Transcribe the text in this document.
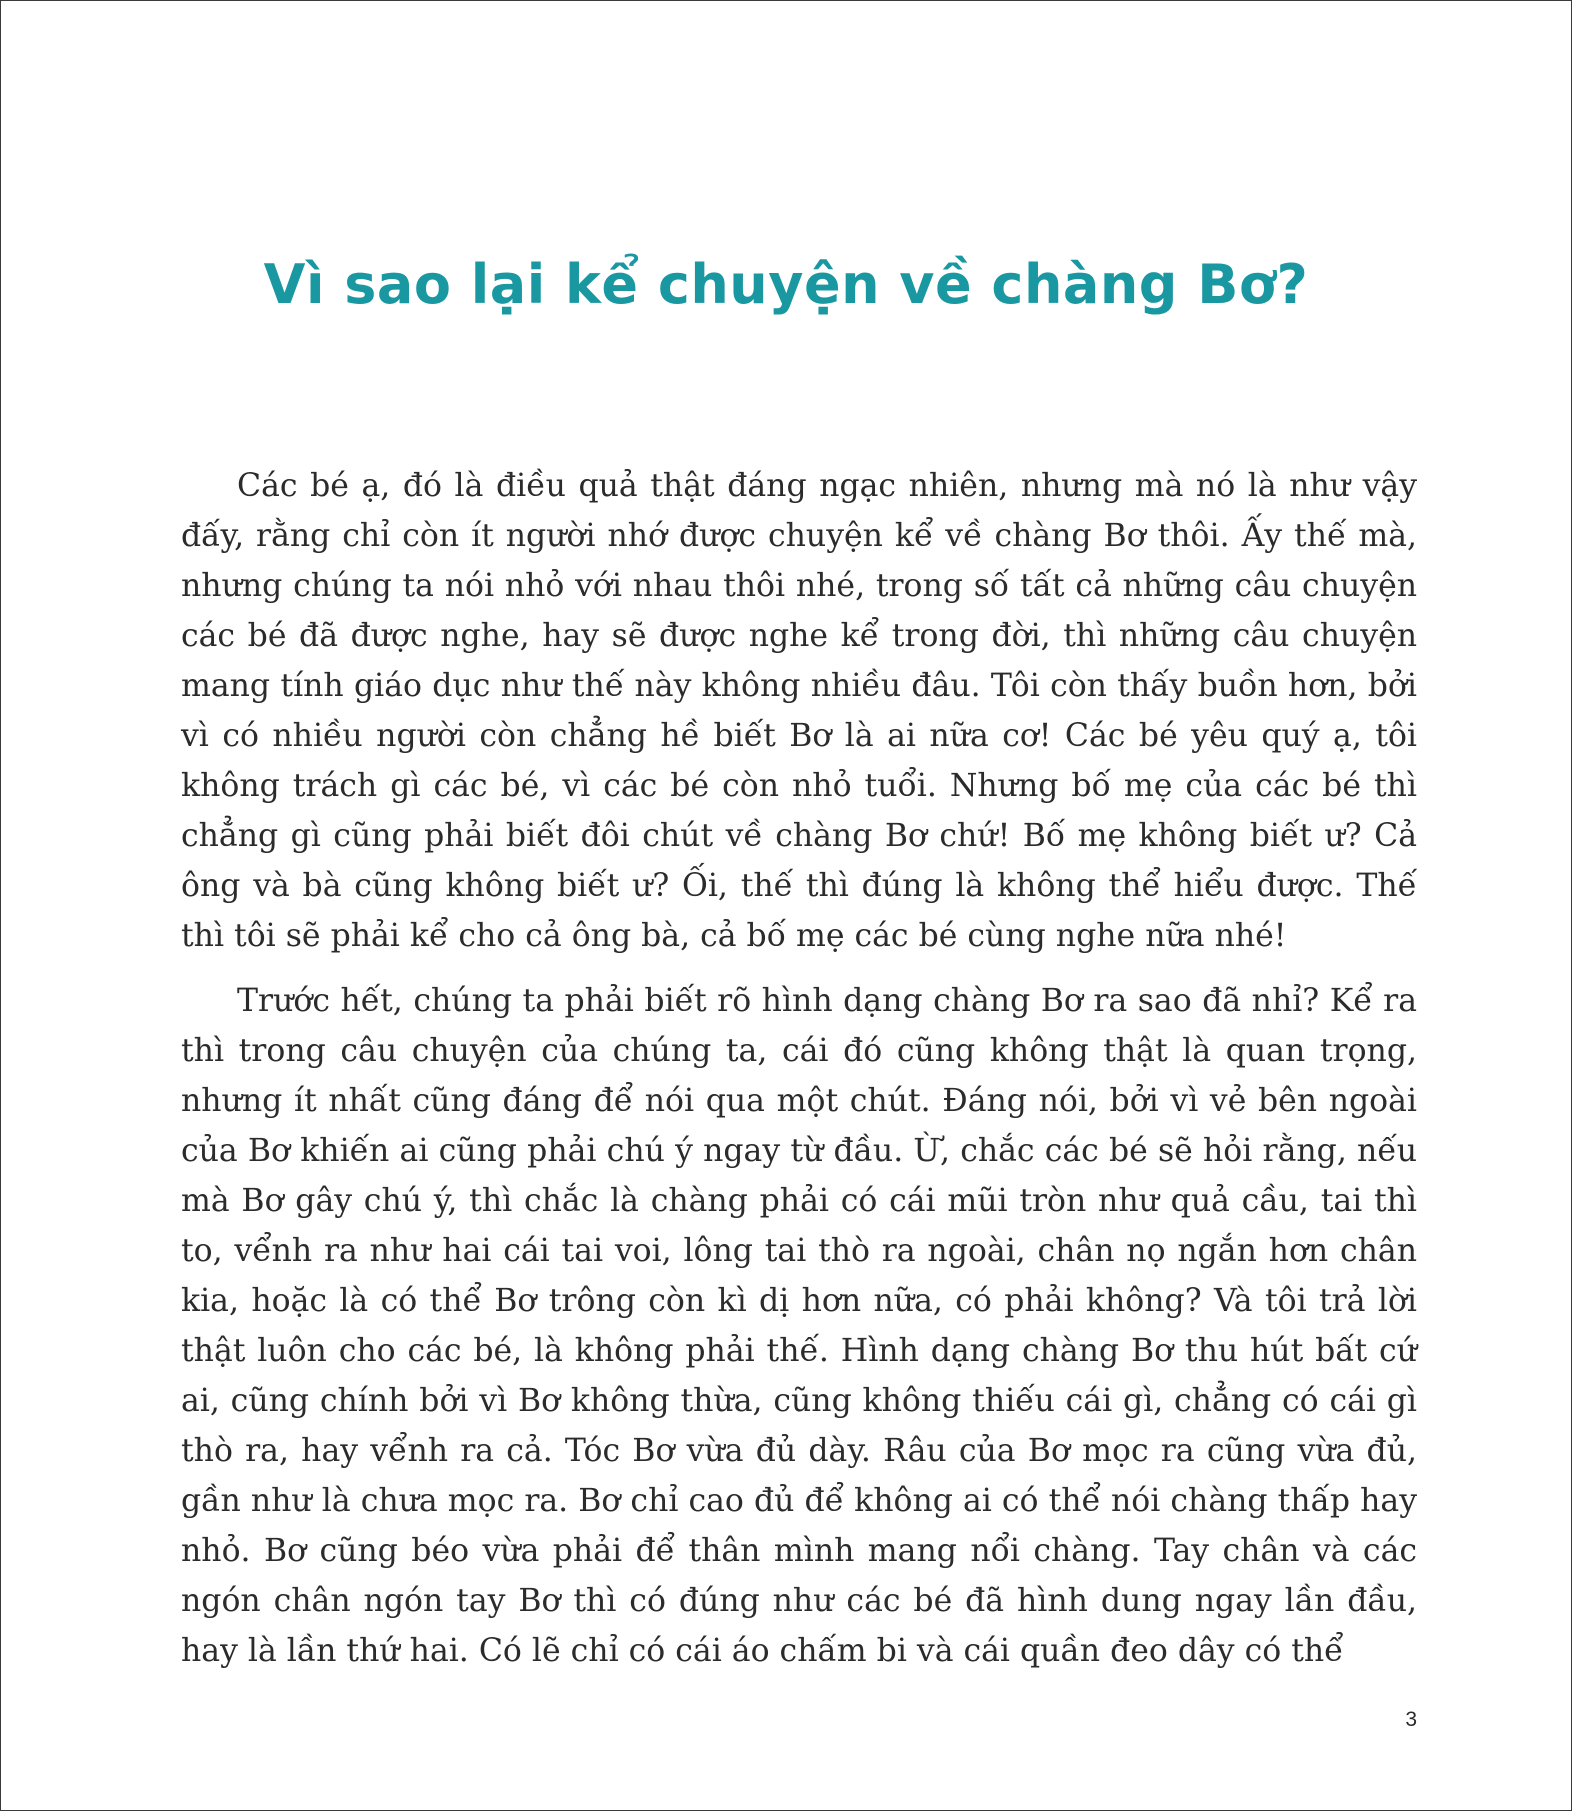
Vì sao lại kể chuyện về chàng Bơ?

Các bé ạ, đó là điều quả thật đáng ngạc nhiên, nhưng mà nó là như vậy đấy, rằng chỉ còn ít người nhớ được chuyện kể về chàng Bơ thôi. Ấy thế mà, nhưng chúng ta nói nhỏ với nhau thôi nhé, trong số tất cả những câu chuyện các bé đã được nghe, hay sẽ được nghe kể trong đời, thì những câu chuyện mang tính giáo dục như thế này không nhiều đâu. Tôi còn thấy buồn hơn, bởi vì có nhiều người còn chẳng hề biết Bơ là ai nữa cơ! Các bé yêu quý ạ, tôi không trách gì các bé, vì các bé còn nhỏ tuổi. Nhưng bố mẹ của các bé thì chẳng gì cũng phải biết đôi chút về chàng Bơ chứ! Bố mẹ không biết ư? Cả ông và bà cũng không biết ư? Ối, thế thì đúng là không thể hiểu được. Thế thì tôi sẽ phải kể cho cả ông bà, cả bố mẹ các bé cùng nghe nữa nhé!

Trước hết, chúng ta phải biết rõ hình dạng chàng Bơ ra sao đã nhỉ? Kể ra thì trong câu chuyện của chúng ta, cái đó cũng không thật là quan trọng, nhưng ít nhất cũng đáng để nói qua một chút. Đáng nói, bởi vì vẻ bên ngoài của Bơ khiến ai cũng phải chú ý ngay từ đầu. Ừ, chắc các bé sẽ hỏi rằng, nếu mà Bơ gây chú ý, thì chắc là chàng phải có cái mũi tròn như quả cầu, tai thì to, vểnh ra như hai cái tai voi, lông tai thò ra ngoài, chân nọ ngắn hơn chân kia, hoặc là có thể Bơ trông còn kì dị hơn nữa, có phải không? Và tôi trả lời thật luôn cho các bé, là không phải thế. Hình dạng chàng Bơ thu hút bất cứ ai, cũng chính bởi vì Bơ không thừa, cũng không thiếu cái gì, chẳng có cái gì thò ra, hay vểnh ra cả. Tóc Bơ vừa đủ dày. Râu của Bơ mọc ra cũng vừa đủ, gần như là chưa mọc ra. Bơ chỉ cao đủ để không ai có thể nói chàng thấp hay nhỏ. Bơ cũng béo vừa phải để thân mình mang nổi chàng. Tay chân và các ngón chân ngón tay Bơ thì có đúng như các bé đã hình dung ngay lần đầu, hay là lần thứ hai. Có lẽ chỉ có cái áo chấm bi và cái quần đeo dây có thể

3
